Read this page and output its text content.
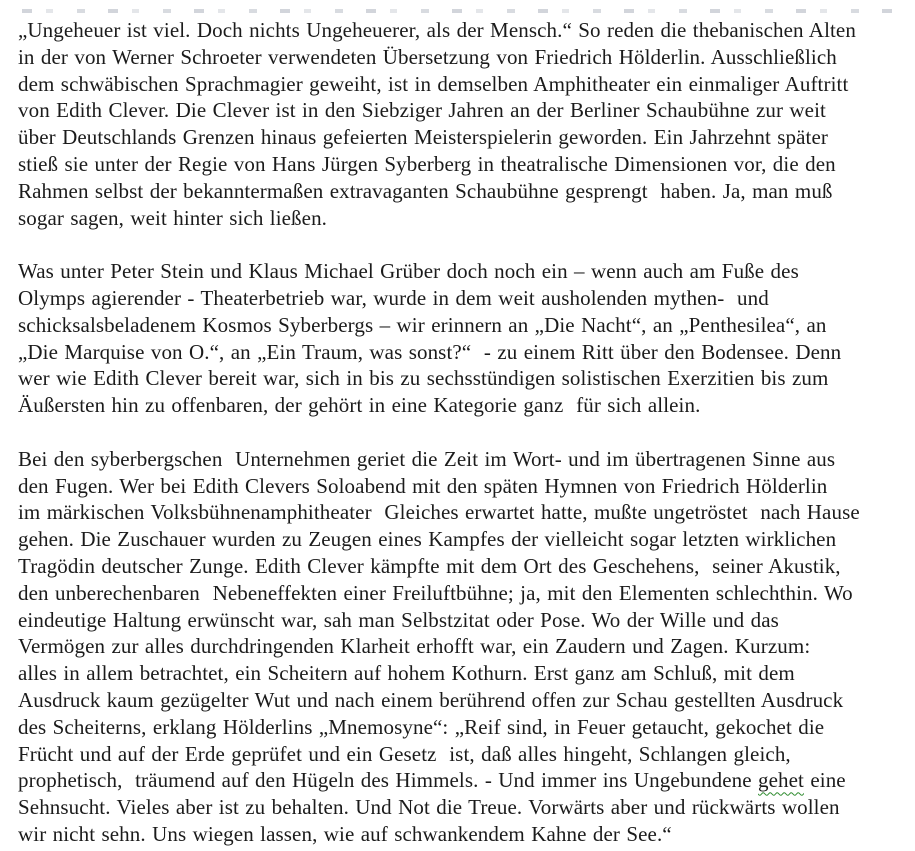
„Ungeheuer ist viel. Doch nichts Ungeheuerer, als der Mensch.“ So reden die thebanischen Alten
in der von Werner Schroeter verwendeten Übersetzung von Friedrich Hölderlin. Ausschließlich
dem schwäbischen Sprachmagier geweiht, ist in demselben Amphitheater ein einmaliger Auftritt
von Edith Clever. Die Clever ist in den Siebziger Jahren an der Berliner Schaubühne zur weit
über Deutschlands Grenzen hinaus gefeierten Meisterspielerin geworden. Ein Jahrzehnt später
stieß sie unter der Regie von Hans Jürgen Syberberg in theatralische Dimensionen vor, die den
Rahmen selbst der bekanntermaßen extravaganten Schaubühne gesprengt  haben. Ja, man muß
sogar sagen, weit hinter sich ließen.
Was unter Peter Stein und Klaus Michael Grüber doch noch ein – wenn auch am Fuße des
Olymps agierender - Theaterbetrieb war, wurde in dem weit ausholenden mythen-  und
schicksalsbeladenem Kosmos Syberbergs – wir erinnern an „Die Nacht“, an „Penthesilea“, an
„Die Marquise von O.“, an „Ein Traum, was sonst?“  - zu einem Ritt über den Bodensee. Denn
wer wie Edith Clever bereit war, sich in bis zu sechsstündigen solistischen Exerzitien bis zum
Äußersten hin zu offenbaren, der gehört in eine Kategorie ganz  für sich allein.
Bei den syberbergschen  Unternehmen geriet die Zeit im Wort- und im übertragenen Sinne aus
den Fugen. Wer bei Edith Clevers Soloabend mit den späten Hymnen von Friedrich Hölderlin
im märkischen Volksbühnenamphitheater  Gleiches erwartet hatte, mußte ungetröstet  nach Hause
gehen. Die Zuschauer wurden zu Zeugen eines Kampfes der vielleicht sogar letzten wirklichen
Tragödin deutscher Zunge. Edith Clever kämpfte mit dem Ort des Geschehens,  seiner Akustik,
den unberechenbaren  Nebeneffekten einer Freiluftbühne; ja, mit den Elementen schlechthin. Wo
eindeutige Haltung erwünscht war, sah man Selbstzitat oder Pose. Wo der Wille und das
Vermögen zur alles durchdringenden Klarheit erhofft war, ein Zaudern und Zagen. Kurzum:
alles in allem betrachtet, ein Scheitern auf hohem Kothurn. Erst ganz am Schluß, mit dem
Ausdruck kaum gezügelter Wut und nach einem berührend offen zur Schau gestellten Ausdruck
des Scheiterns, erklang Hölderlins „Mnemosyne“: „Reif sind, in Feuer getaucht, gekochet die
Frücht und auf der Erde geprüfet und ein Gesetz  ist, daß alles hingeht, Schlangen gleich,
prophetisch,  träumend auf den Hügeln des Himmels. - Und immer ins Ungebundene gehet eine
Sehnsucht. Vieles aber ist zu behalten. Und Not die Treue. Vorwärts aber und rückwärts wollen
wir nicht sehn. Uns wiegen lassen, wie auf schwankendem Kahne der See.“
